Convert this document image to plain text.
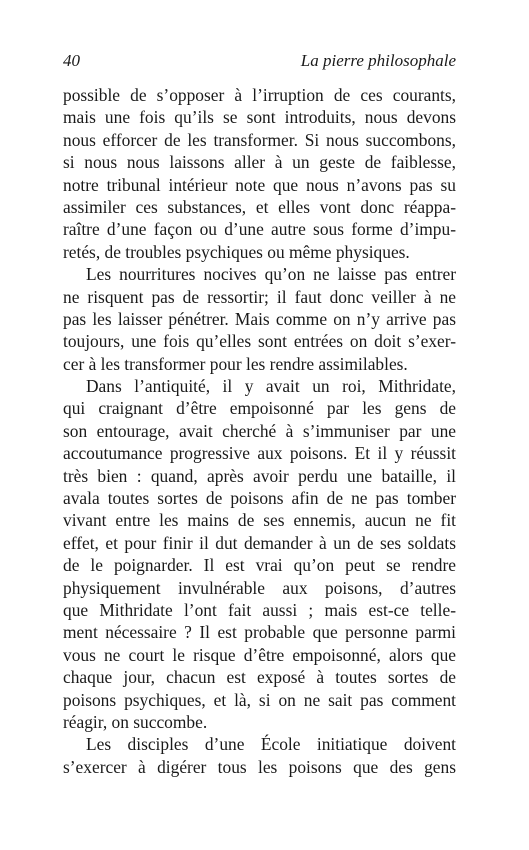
40	La pierre philosophale
possible de s’opposer à l’irruption de ces courants,
mais une fois qu’ils se sont introduits, nous devons
nous efforcer de les transformer. Si nous succombons,
si nous nous laissons aller à un geste de faiblesse,
notre tribunal intérieur note que nous n’avons pas su
assimiler ces substances, et elles vont donc réappa-
raître d’une façon ou d’une autre sous forme d’impu-
retés, de troubles psychiques ou même physiques.
Les nourritures nocives qu’on ne laisse pas entrer
ne risquent pas de ressortir; il faut donc veiller à ne
pas les laisser pénétrer. Mais comme on n’y arrive pas
toujours, une fois qu’elles sont entrées on doit s’exer-
cer à les transformer pour les rendre assimilables.
Dans l’antiquité, il y avait un roi, Mithridate,
qui craignant d’être empoisonné par les gens de
son entourage, avait cherché à s’immuniser par une
accoutumance progressive aux poisons. Et il y réussit
très bien : quand, après avoir perdu une bataille, il
avala toutes sortes de poisons afin de ne pas tomber
vivant entre les mains de ses ennemis, aucun ne fit
effet, et pour finir il dut demander à un de ses soldats
de le poignarder. Il est vrai qu’on peut se rendre
physiquement invulnérable aux poisons, d’autres
que Mithridate l’ont fait aussi ; mais est-ce telle-
ment nécessaire ? Il est probable que personne parmi
vous ne court le risque d’être empoisonné, alors que
chaque jour, chacun est exposé à toutes sortes de
poisons psychiques, et là, si on ne sait pas comment
réagir, on succombe.
Les disciples d’une École initiatique doivent
s’exercer à digérer tous les poisons que des gens
